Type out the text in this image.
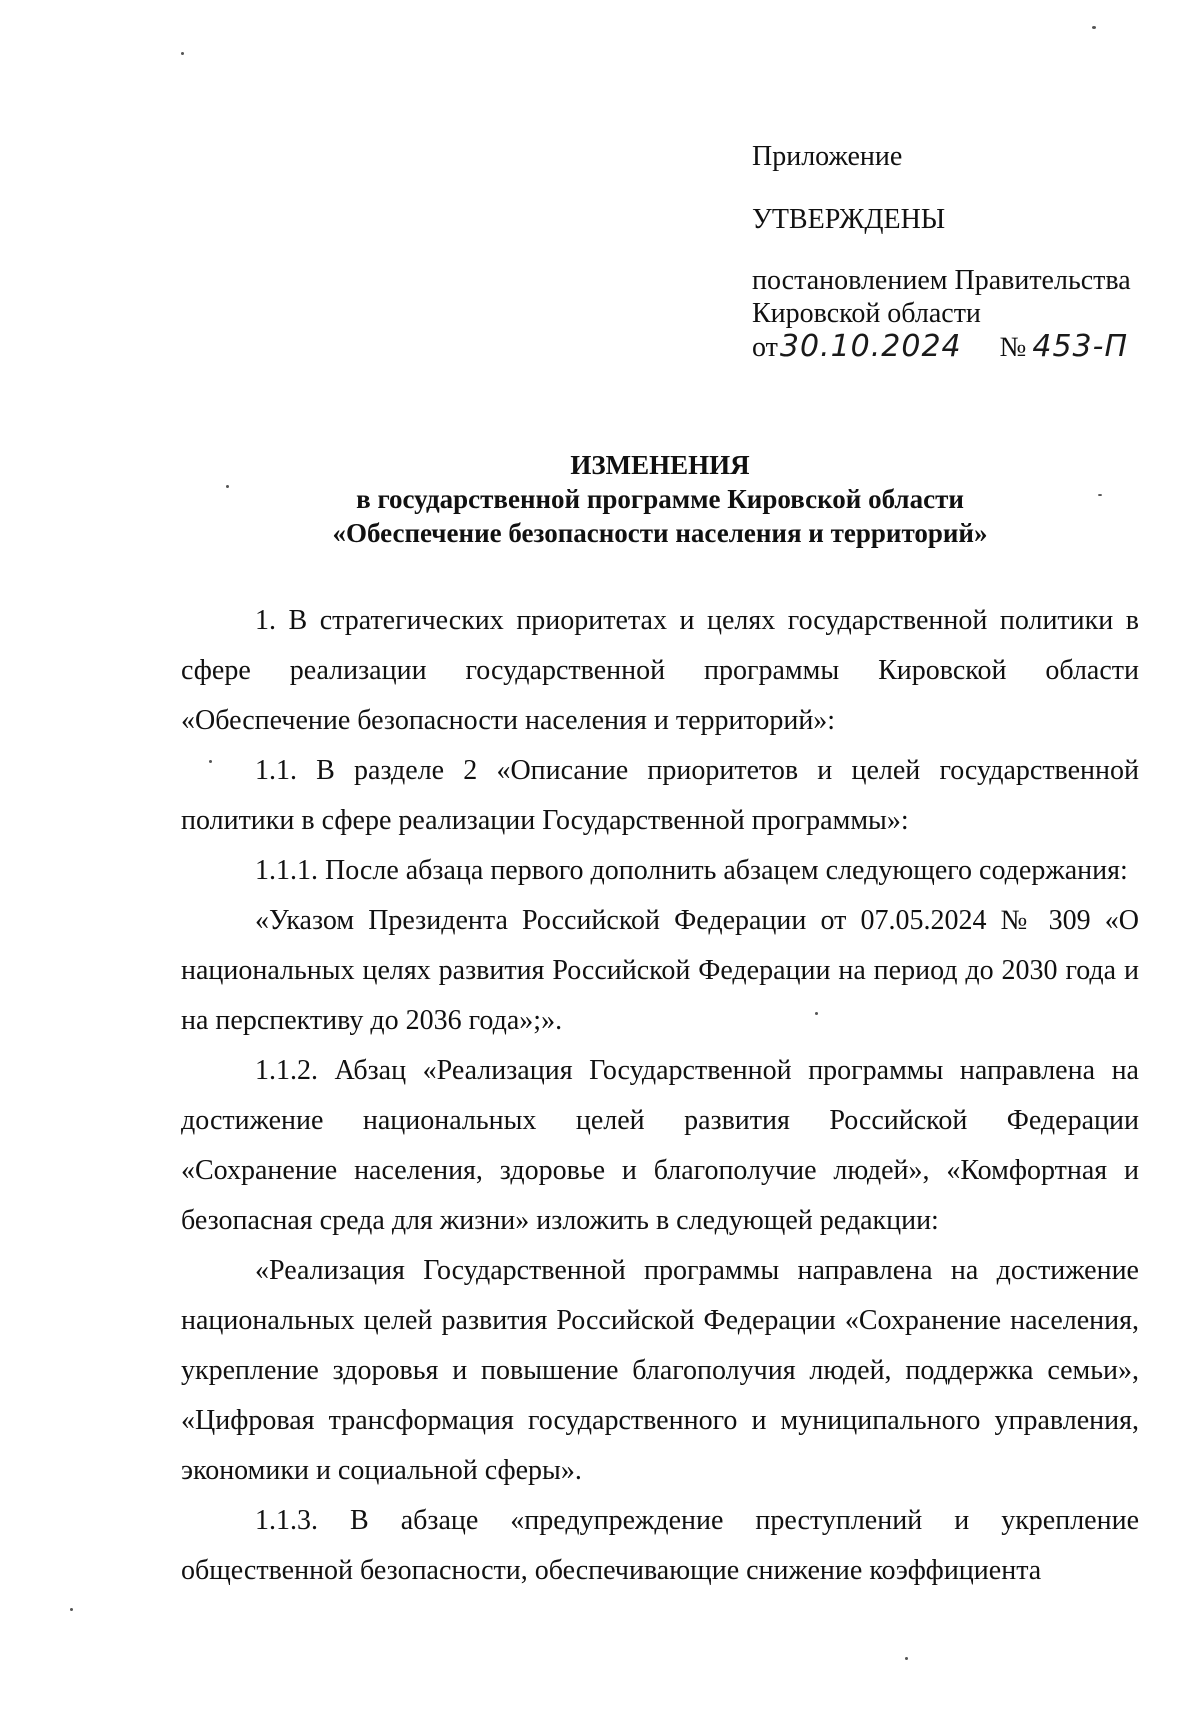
Приложение
УТВЕРЖДЕНЫ
постановлением Правительства
Кировской области
от30.10.2024 № 453-П
ИЗМЕНЕНИЯ
в государственной программе Кировской области
«Обеспечение безопасности населения и территорий»

1. В стратегических приоритетах и целях государственной политики в сфере реализации государственной программы Кировской области «Обеспечение безопасности населения и территорий»:

1.1. В разделе 2 «Описание приоритетов и целей государственной политики в сфере реализации Государственной программы»:

1.1.1. После абзаца первого дополнить абзацем следующего содержания:

«Указом Президента Российской Федерации от 07.05.2024 № 309 «О национальных целях развития Российской Федерации на период до 2030 года и на перспективу до 2036 года»;».

1.1.2. Абзац «Реализация Государственной программы направлена на достижение национальных целей развития Российской Федерации «Сохранение населения, здоровье и благополучие людей», «Комфортная и безопасная среда для жизни» изложить в следующей редакции:

«Реализация Государственной программы направлена на достижение национальных целей развития Российской Федерации «Сохранение населения, укрепление здоровья и повышение благополучия людей, поддержка семьи», «Цифровая трансформация государственного и муниципального управления, экономики и социальной сферы».

1.1.3. В абзаце «предупреждение преступлений и укрепление общественной безопасности, обеспечивающие снижение коэффициента
